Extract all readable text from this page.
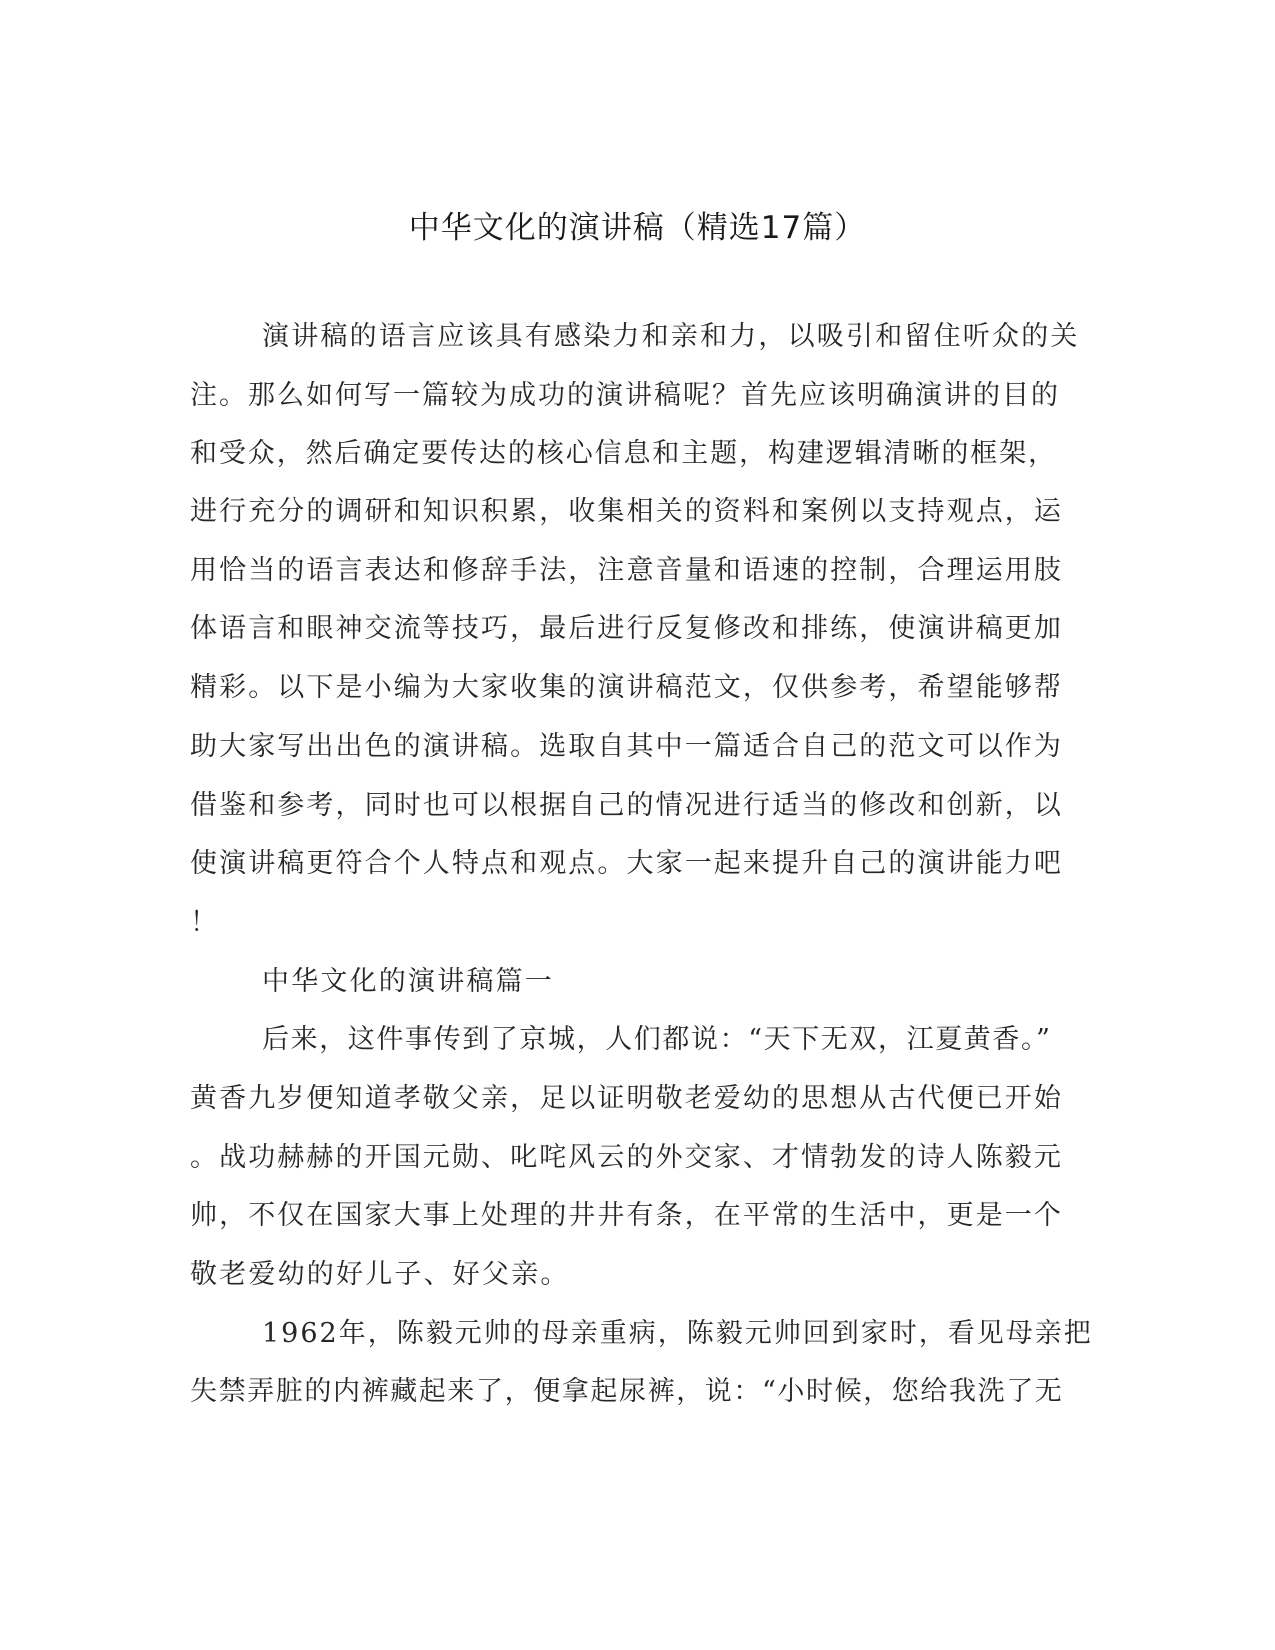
中华文化的演讲稿（精选17篇）
演讲稿的语言应该具有感染力和亲和力，以吸引和留住听众的关
注。那么如何写一篇较为成功的演讲稿呢？首先应该明确演讲的目的
和受众，然后确定要传达的核心信息和主题，构建逻辑清晰的框架，
进行充分的调研和知识积累，收集相关的资料和案例以支持观点，运
用恰当的语言表达和修辞手法，注意音量和语速的控制，合理运用肢
体语言和眼神交流等技巧，最后进行反复修改和排练，使演讲稿更加
精彩。以下是小编为大家收集的演讲稿范文，仅供参考，希望能够帮
助大家写出出色的演讲稿。选取自其中一篇适合自己的范文可以作为
借鉴和参考，同时也可以根据自己的情况进行适当的修改和创新，以
使演讲稿更符合个人特点和观点。大家一起来提升自己的演讲能力吧
！
中华文化的演讲稿篇一
后来，这件事传到了京城，人们都说：“天下无双，江夏黄香。”
黄香九岁便知道孝敬父亲，足以证明敬老爱幼的思想从古代便已开始
。战功赫赫的开国元勋、叱咤风云的外交家、才情勃发的诗人陈毅元
帅，不仅在国家大事上处理的井井有条，在平常的生活中，更是一个
敬老爱幼的好儿子、好父亲。
1962年，陈毅元帅的母亲重病，陈毅元帅回到家时，看见母亲把
失禁弄脏的内裤藏起来了，便拿起尿裤，说：“小时候，您给我洗了无
